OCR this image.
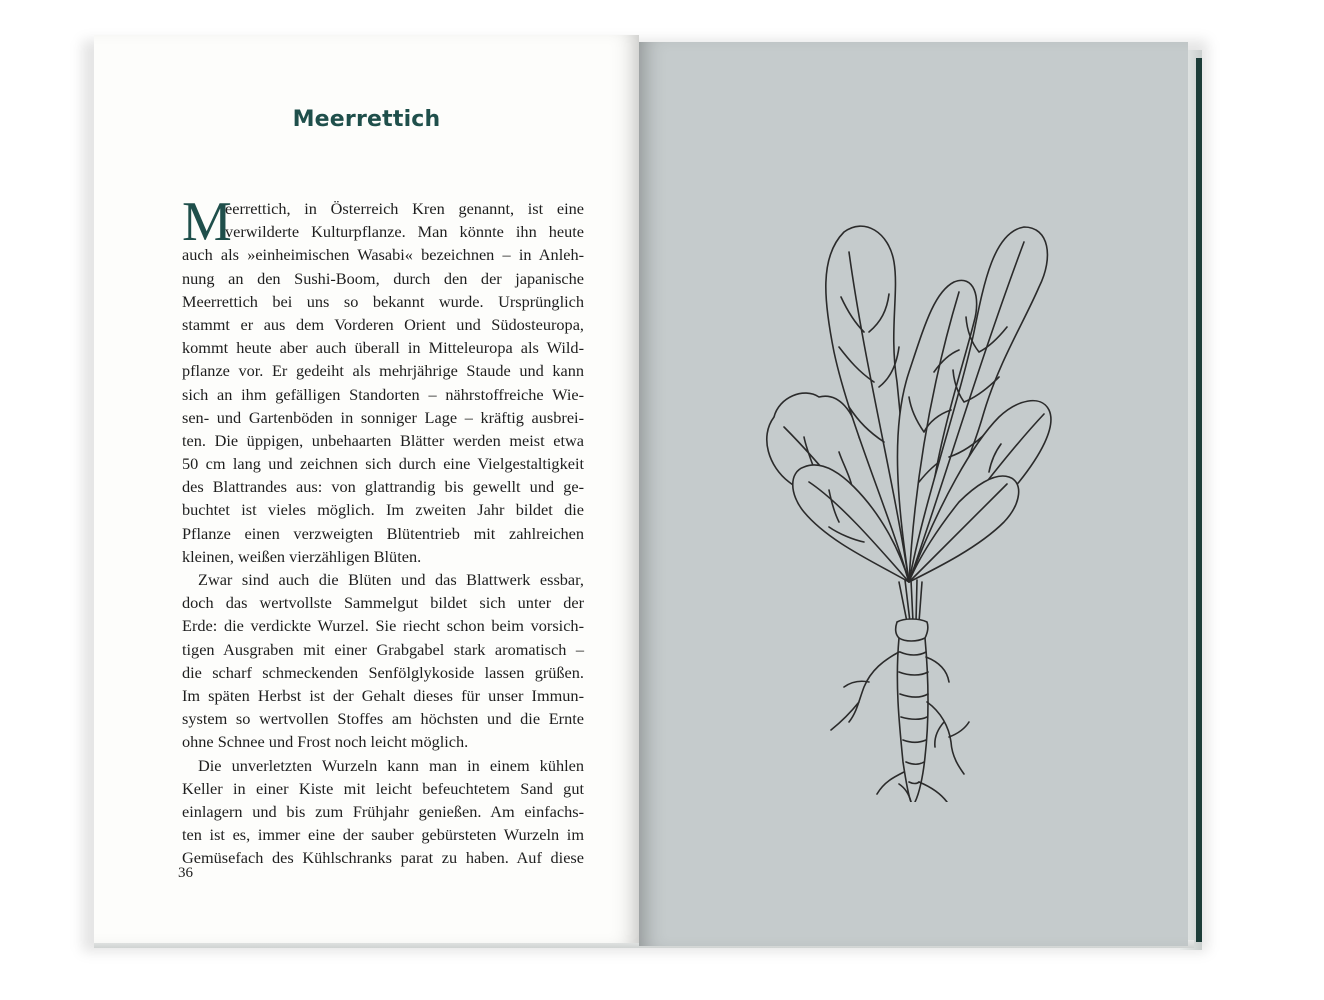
Meerrettich
M
eerrettich, in Österreich Kren genannt, ist eine
verwilderte Kulturpflanze. Man könnte ihn heute
auch als »einheimischen Wasabi« bezeichnen – in Anleh-
nung an den Sushi-Boom, durch den der japanische
Meerrettich bei uns so bekannt wurde. Ursprünglich
stammt er aus dem Vorderen Orient und Südosteuropa,
kommt heute aber auch überall in Mitteleuropa als Wild-
pflanze vor. Er gedeiht als mehrjährige Staude und kann
sich an ihm gefälligen Standorten – nährstoffreiche Wie-
sen- und Gartenböden in sonniger Lage – kräftig ausbrei-
ten. Die üppigen, unbehaarten Blätter werden meist etwa
50 cm lang und zeichnen sich durch eine Vielgestaltigkeit
des Blattrandes aus: von glattrandig bis gewellt und ge-
buchtet ist vieles möglich. Im zweiten Jahr bildet die
Pflanze einen verzweigten Blütentrieb mit zahlreichen
kleinen, weißen vierzähligen Blüten.
Zwar sind auch die Blüten und das Blattwerk essbar,
doch das wertvollste Sammelgut bildet sich unter der
Erde: die verdickte Wurzel. Sie riecht schon beim vorsich-
tigen Ausgraben mit einer Grabgabel stark aromatisch –
die scharf schmeckenden Senfölglykoside lassen grüßen.
Im späten Herbst ist der Gehalt dieses für unser Immun-
system so wertvollen Stoffes am höchsten und die Ernte
ohne Schnee und Frost noch leicht möglich.
Die unverletzten Wurzeln kann man in einem kühlen
Keller in einer Kiste mit leicht befeuchtetem Sand gut
einlagern und bis zum Frühjahr genießen. Am einfachs-
ten ist es, immer eine der sauber gebürsteten Wurzeln im
Gemüsefach des Kühlschranks parat zu haben. Auf diese
36
